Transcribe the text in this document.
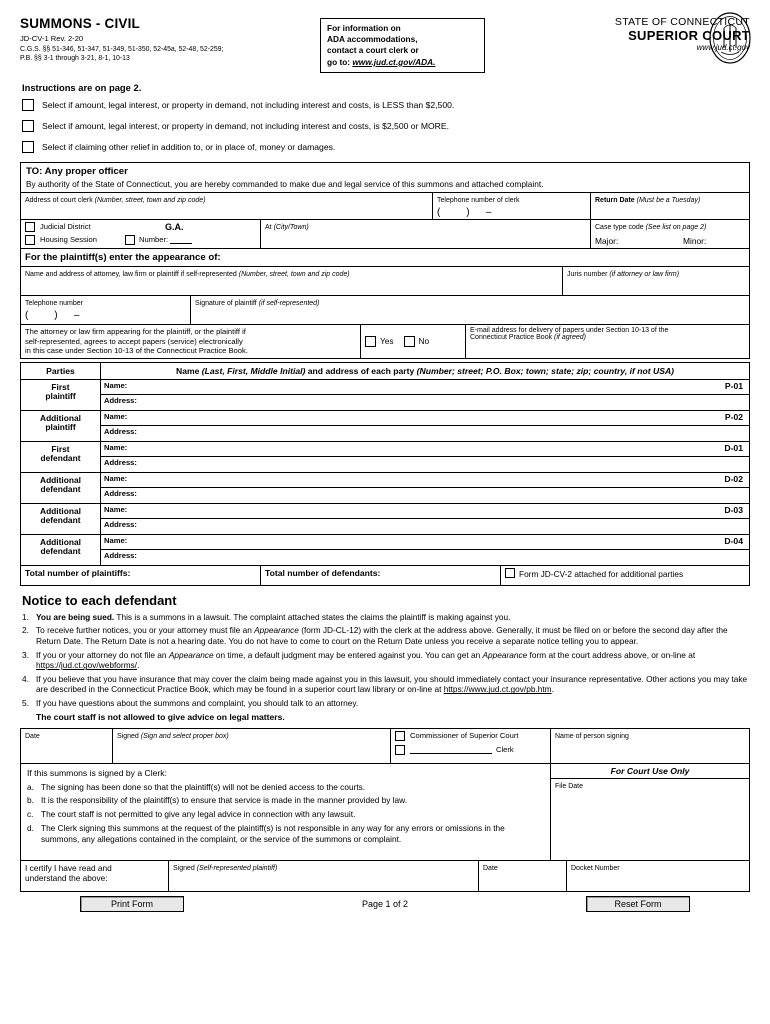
SUMMONS - CIVIL
JD-CV-1 Rev. 2-20
C.G.S. §§ 51-346, 51-347, 51-349, 51-350, 52-45a, 52-48, 52-259;
P.B. §§ 3-1 through 3-21, 8-1, 10-13
For information on
ADA accommodations,
contact a court clerk or
go to: www.jud.ct.gov/ADA.
STATE OF CONNECTICUT
SUPERIOR COURT
www.jud.ct.gov
Instructions are on page 2.
Select if amount, legal interest, or property in demand, not including interest and costs, is LESS than $2,500.
Select if amount, legal interest, or property in demand, not including interest and costs, is $2,500 or MORE.
Select if claiming other relief in addition to, or in place of, money or damages.
TO: Any proper officer
By authority of the State of Connecticut, you are hereby commanded to make due and legal service of this summons and attached complaint.
Address of court clerk (Number, street, town and zip code)	Telephone number of clerk
(     )   –
Return Date (Must be a Tuesday)
Judicial District	G.A.
Housing Session	Number:
At (City/Town)	Case type code (See list on page 2)
Major:	Minor:
For the plaintiff(s) enter the appearance of:
Name and address of attorney, law firm or plaintiff if self-represented (Number, street, town and zip code)	Juris number (if attorney or law firm)
Telephone number
(     )   –
Signature of plaintiff (if self-represented)
The attorney or law firm appearing for the plaintiff, or the plaintiff if
self-represented, agrees to accept papers (service) electronically
in this case under Section 10-13 of the Connecticut Practice Book.
Yes	No
E-mail address for delivery of papers under Section 10-13 of the
Connecticut Practice Book (if agreed)
Parties	Name (Last, First, Middle Initial) and address of each party (Number; street; P.O. Box; town; state; zip; country, if not USA)

First
plaintiff

Name:	P-01
Address:

Additional
plaintiff

Name:	P-02
Address:

First
defendant

Name:	D-01
Address:

Additional
defendant

Name:	D-02
Address:

Additional
defendant

Name:	D-03
Address:

Additional
defendant

Name:	D-04
Address:
Total number of plaintiffs:	Total number of defendants:	Form JD-CV-2 attached for additional parties
Notice to each defendant
1. You are being sued. This is a summons in a lawsuit. The complaint attached states the claims the plaintiff is making against you.
2. To receive further notices, you or your attorney must file an Appearance (form JD-CL-12) with the clerk at the address above. Generally, it must be filed on or before the second day after the Return Date. The Return Date is not a hearing date. You do not have to come to court on the Return Date unless you receive a separate notice telling you to appear.
3. If you or your attorney do not file an Appearance on time, a default judgment may be entered against you. You can get an Appearance form at the court address above, or on-line at https://jud.ct.gov/webforms/.
4. If you believe that you have insurance that may cover the claim being made against you in this lawsuit, you should immediately contact your insurance representative. Other actions you may take are described in the Connecticut Practice Book, which may be found in a superior court law library or on-line at https://www.jud.ct.gov/pb.htm.
5. If you have questions about the summons and complaint, you should talk to an attorney.
The court staff is not allowed to give advice on legal matters.
Date	Signed (Sign and select proper box)	Commissioner of Superior Court
Clerk
Name of person signing
If this summons is signed by a Clerk:
a. The signing has been done so that the plaintiff(s) will not be denied access to the courts.
b. It is the responsibility of the plaintiff(s) to ensure that service is made in the manner provided by law.
c. The court staff is not permitted to give any legal advice in connection with any lawsuit.
d. The Clerk signing this summons at the request of the plaintiff(s) is not responsible in any way for any errors or omissions in the summons, any allegations contained in the complaint, or the service of the summons or complaint.
For Court Use Only
File Date
I certify I have read and
understand the above:
Signed (Self-represented plaintiff)	Date	Docket Number
Print Form	Page 1 of 2	Reset Form
